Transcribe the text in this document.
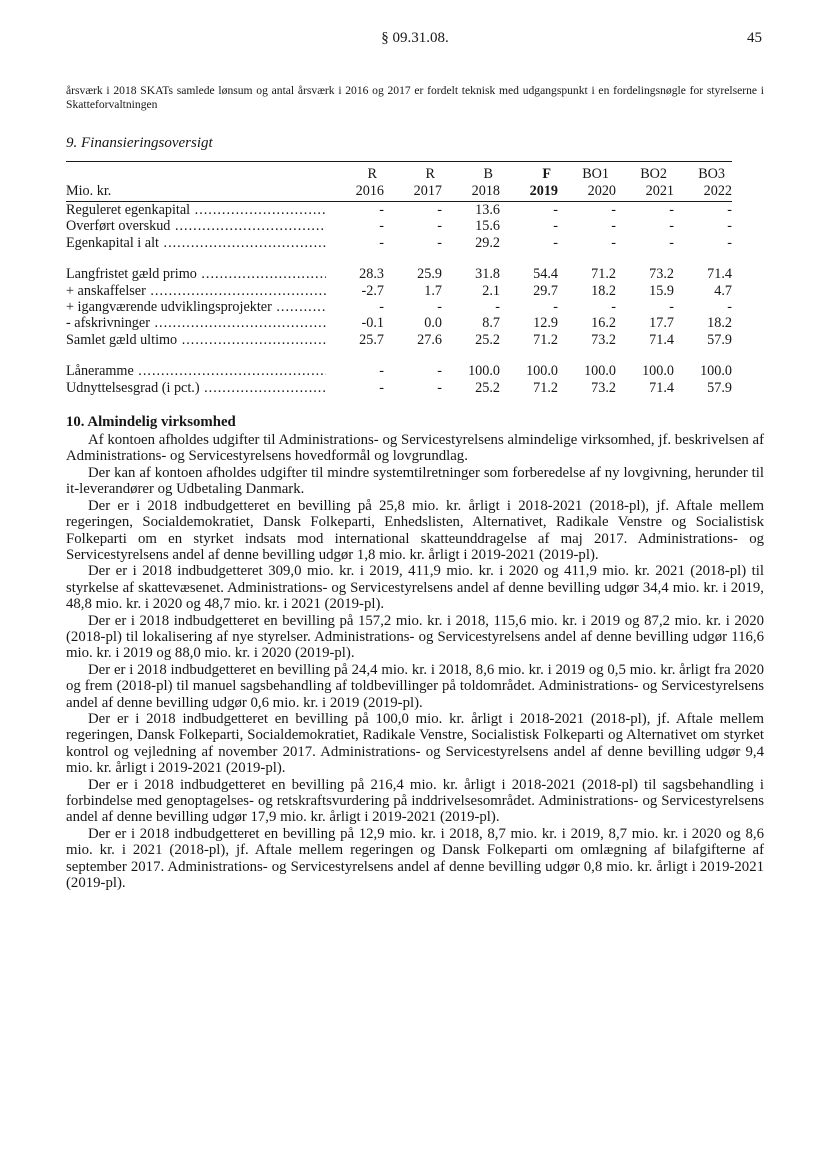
§ 09.31.08.	45

årsværk i 2018 SKATs samlede lønsum og antal årsværk i 2016 og 2017 er fordelt teknisk med udgangspunkt i en fordelingsnøgle for styrelserne i Skatteforvaltningen

9. Finansieringsoversigt
	R	R	B	F	BO1	BO2	BO3
Mio. kr.	2016	2017	2018	2019	2020	2021	2022
Reguleret egenkapital .....	-	-	13.6	-	-	-	-
Overført overskud .....	-	-	15.6	-	-	-	-
Egenkapital i alt .....	-	-	29.2	-	-	-	-
Langfristet gæld primo .....	28.3	25.9	31.8	54.4	71.2	73.2	71.4
+ anskaffelser .....	-2.7	1.7	2.1	29.7	18.2	15.9	4.7
+ igangværende udviklingsprojekter .....	-	-	-	-	-	-	-
- afskrivninger .....	-0.1	0.0	8.7	12.9	16.2	17.7	18.2
Samlet gæld ultimo .....	25.7	27.6	25.2	71.2	73.2	71.4	57.9
Låneramme .....	-	-	100.0	100.0	100.0	100.0	100.0
Udnyttelsesgrad (i pct.) .....	-	-	25.2	71.2	73.2	71.4	57.9
10. Almindelig virksomhed

Af kontoen afholdes udgifter til Administrations- og Servicestyrelsens almindelige virksomhed, jf. beskrivelsen af Administrations- og Servicestyrelsens hovedformål og lovgrundlag.

Der kan af kontoen afholdes udgifter til mindre systemtilretninger som forberedelse af ny lovgivning, herunder til it-leverandører og Udbetaling Danmark.

Der er i 2018 indbudgetteret en bevilling på 25,8 mio. kr. årligt i 2018-2021 (2018-pl), jf. Aftale mellem regeringen, Socialdemokratiet, Dansk Folkeparti, Enhedslisten, Alternativet, Radikale Venstre og Socialistisk Folkeparti om en styrket indsats mod international skatteunddragelse af maj 2017. Administrations- og Servicestyrelsens andel af denne bevilling udgør 1,8 mio. kr. årligt i 2019-2021 (2019-pl).

Der er i 2018 indbudgetteret 309,0 mio. kr. i 2019, 411,9 mio. kr. i 2020 og 411,9 mio. kr. 2021 (2018-pl) til styrkelse af skattevæsenet. Administrations- og Servicestyrelsens andel af denne bevilling udgør 34,4 mio. kr. i 2019, 48,8 mio. kr. i 2020 og 48,7 mio. kr. i 2021 (2019-pl).

Der er i 2018 indbudgetteret en bevilling på 157,2 mio. kr. i 2018, 115,6 mio. kr. i 2019 og 87,2 mio. kr. i 2020 (2018-pl) til lokalisering af nye styrelser. Administrations- og Servicestyrelsens andel af denne bevilling udgør 116,6 mio. kr. i 2019 og 88,0 mio. kr. i 2020 (2019-pl).

Der er i 2018 indbudgetteret en bevilling på 24,4 mio. kr. i 2018, 8,6 mio. kr. i 2019 og 0,5 mio. kr. årligt fra 2020 og frem (2018-pl) til manuel sagsbehandling af toldbevillinger på toldområdet. Administrations- og Servicestyrelsens andel af denne bevilling udgør 0,6 mio. kr. i 2019 (2019-pl).

Der er i 2018 indbudgetteret en bevilling på 100,0 mio. kr. årligt i 2018-2021 (2018-pl), jf. Aftale mellem regeringen, Dansk Folkeparti, Socialdemokratiet, Radikale Venstre, Socialistisk Folkeparti og Alternativet om styrket kontrol og vejledning af november 2017. Administrations- og Servicestyrelsens andel af denne bevilling udgør 9,4 mio. kr. årligt i 2019-2021 (2019-pl).

Der er i 2018 indbudgetteret en bevilling på 216,4 mio. kr. årligt i 2018-2021 (2018-pl) til sagsbehandling i forbindelse med genoptagelses- og retskraftsvurdering på inddrivelsesområdet. Administrations- og Servicestyrelsens andel af denne bevilling udgør 17,9 mio. kr. årligt i 2019-2021 (2019-pl).

Der er i 2018 indbudgetteret en bevilling på 12,9 mio. kr. i 2018, 8,7 mio. kr. i 2019, 8,7 mio. kr. i 2020 og 8,6 mio. kr. i 2021 (2018-pl), jf. Aftale mellem regeringen og Dansk Folkeparti om omlægning af bilafgifterne af september 2017. Administrations- og Servicestyrelsens andel af denne bevilling udgør 0,8 mio. kr. årligt i 2019-2021 (2019-pl).
